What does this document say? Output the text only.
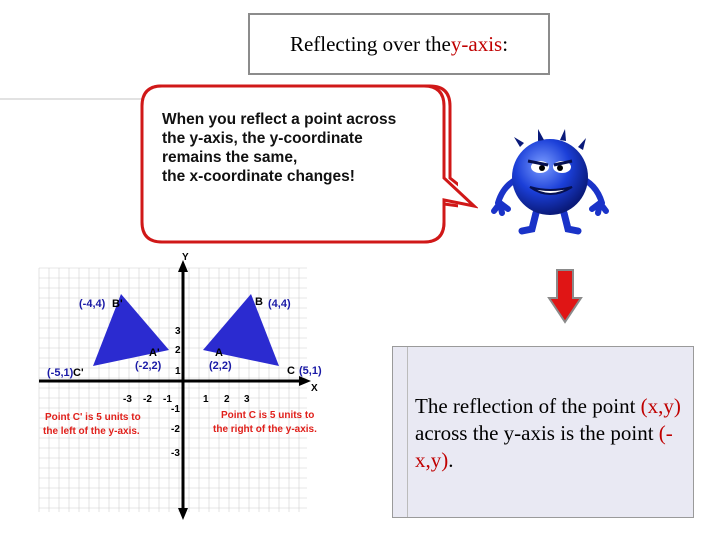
Reflecting over the y-axis :
When you reflect a point across
the y-axis, the y-coordinate
remains the same,
the x-coordinate changes!
Y
X
3
2
1
-1
-2
-3
-3 -2 -1	1 2 3
(-4,4) B'	B (4,4)
A'
(-2,2)
A
(2,2)
(-5,1) C'	C (5,1)
Point C' is 5 units to
the left of the y-axis.
Point C is 5 units to
the right of the y-axis.
The reflection of the point (x,y) across the y-axis is the point (-x,y).
